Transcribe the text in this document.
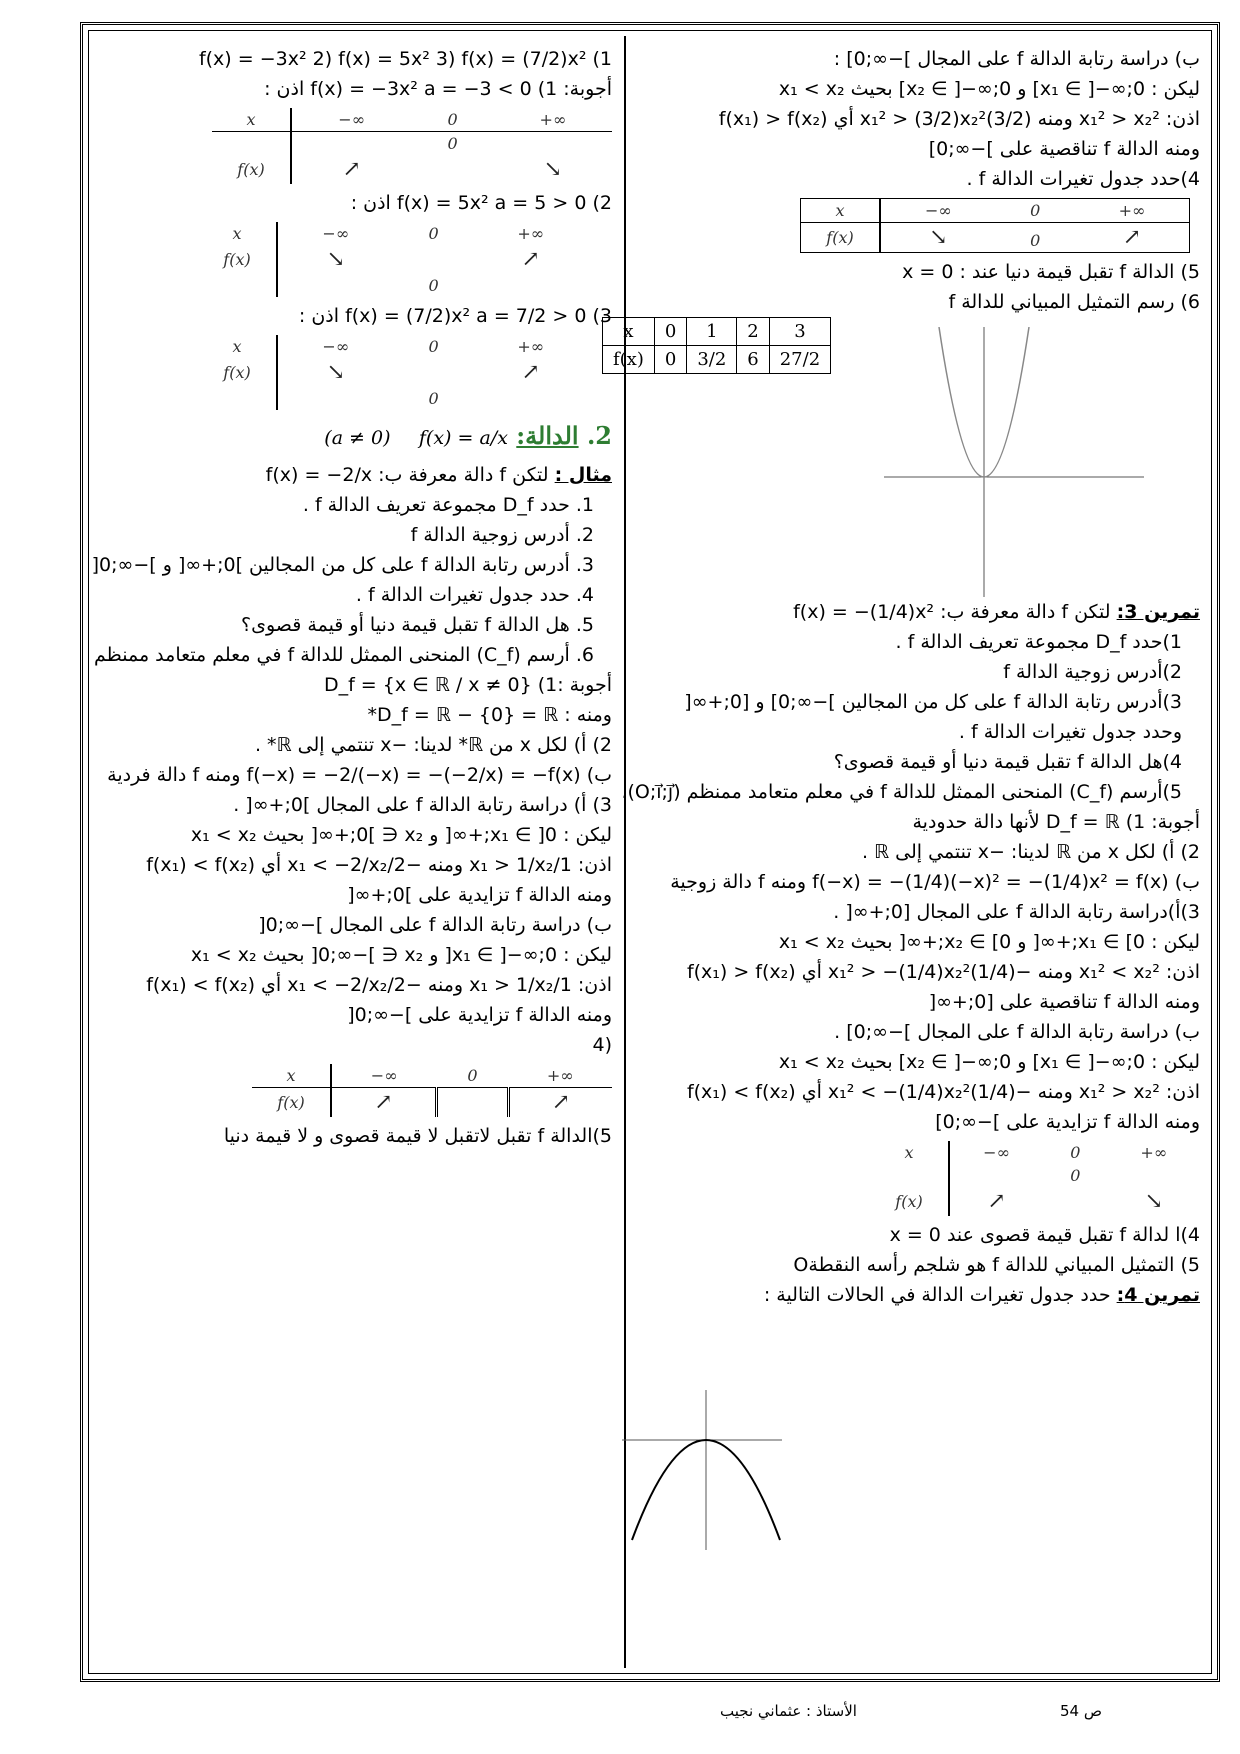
ب) دراسة رتابة الدالة f على المجال ]−∞;0] :
ليكن : x₁ ∈ ]−∞;0] و x₂ ∈ ]−∞;0] بحيث x₁ < x₂
اذن: x₁² > x₂² ومنه (3/2)x₁² > (3/2)x₂² أي f(x₁) > f(x₂)
ومنه الدالة f تناقصية على ]−∞;0]
4)حدد جدول تغيرات الدالة f .
x	−∞	0	+∞
f(x)	↘	0	↗
5) الدالة f تقبل قيمة دنيا عند : x = 0
6) رسم التمثيل المبياني للدالة f
x	0	1	2	3
f(x)	0	3/2	6	27/2
تمرين 3: لتكن f دالة معرفة ب: f(x) = −(1/4)x²
1)حدد D_f مجموعة تعريف الدالة f .
2)أدرس زوجية الدالة f
3)أدرس رتابة الدالة f على كل من المجالين ]−∞;0] و [0;+∞[
وحدد جدول تغيرات الدالة f .
4)هل الدالة f تقبل قيمة دنيا أو قيمة قصوى؟
5)أرسم (C_f) المنحنى الممثل للدالة f في معلم متعامد ممنظم (O;i⃗;j⃗).
أجوبة: 1) D_f = ℝ لأنها دالة حدودية
2) أ) لكل x من ℝ لدينا: −x تنتمي إلى ℝ .
ب) f(−x) = −(1/4)(−x)² = −(1/4)x² = f(x) ومنه f دالة زوجية
3)أ)دراسة رتابة الدالة f على المجال [0;+∞[ .
ليكن : x₁ ∈ [0;+∞[ و x₂ ∈ [0;+∞[ بحيث x₁ < x₂
اذن: x₁² < x₂² ومنه −(1/4)x₁² > −(1/4)x₂² أي f(x₁) > f(x₂)
ومنه الدالة f تناقصية على [0;+∞[
ب) دراسة رتابة الدالة f على المجال ]−∞;0] .
ليكن : x₁ ∈ ]−∞;0] و x₂ ∈ ]−∞;0] بحيث x₁ < x₂
اذن: x₁² > x₂² ومنه −(1/4)x₁² < −(1/4)x₂² أي f(x₁) < f(x₂)
ومنه الدالة f تزايدية على ]−∞;0]
x	−∞	0	+∞
		0	
f(x)	↗		↘
4)ا لدالة f تقبل قيمة قصوى عند x = 0
5) التمثيل المبياني للدالة f هو شلجم رأسه النقطةO
تمرين 4: حدد جدول تغيرات الدالة في الحالات التالية :
1) f(x) = −3x² 2) f(x) = 5x² 3) f(x) = (7/2)x²
أجوبة: 1) f(x) = −3x² a = −3 < 0 اذن :
x	−∞	0	+∞
		0	
f(x)	↗		↘
2) f(x) = 5x² a = 5 > 0 اذن :
x	−∞	0	+∞
f(x)	↘		↗
		0	
3) f(x) = (7/2)x² a = 7/2 > 0 اذن :
x	−∞	0	+∞
f(x)	↘		↗
		0	
2. الدالة: f(x) = a/x (a ≠ 0)
مثال : لتكن f دالة معرفة ب: f(x) = −2/x
1. حدد D_f مجموعة تعريف الدالة f .
2. أدرس زوجية الدالة f
3. أدرس رتابة الدالة f على كل من المجالين ]0;+∞[ و ]−∞;0[
4. حدد جدول تغيرات الدالة f .
5. هل الدالة f تقبل قيمة دنيا أو قيمة قصوى؟
6. أرسم (C_f) المنحنى الممثل للدالة f في معلم متعامد ممنظم
أجوبة :1) D_f = {x ∈ ℝ / x ≠ 0}
ومنه : D_f = ℝ − {0} = ℝ*
2) أ) لكل x من ℝ* لدينا: −x تنتمي إلى ℝ* .
ب) f(−x) = −2/(−x) = −(−2/x) = −f(x) ومنه f دالة فردية
3) أ) دراسة رتابة الدالة f على المجال ]0;+∞[ .
ليكن : x₁ ∈ ]0;+∞[ و x₂ ∈ ]0;+∞[ بحيث x₁ < x₂
اذن: 1/x₁ > 1/x₂ ومنه −2/x₁ < −2/x₂ أي f(x₁) < f(x₂)
ومنه الدالة f تزايدية على ]0;+∞[
ب) دراسة رتابة الدالة f على المجال ]−∞;0[
ليكن : x₁ ∈ ]−∞;0[ و x₂ ∈ ]−∞;0[ بحيث x₁ < x₂
اذن: 1/x₁ > 1/x₂ ومنه −2/x₁ < −2/x₂ أي f(x₁) < f(x₂)
ومنه الدالة f تزايدية على ]−∞;0[
(4
x	−∞	0	+∞
f(x)	↗		↗
5)الدالة f تقبل لاتقبل لا قيمة قصوى و لا قيمة دنيا
الأستاذ : عثماني نجيب	ص 54
